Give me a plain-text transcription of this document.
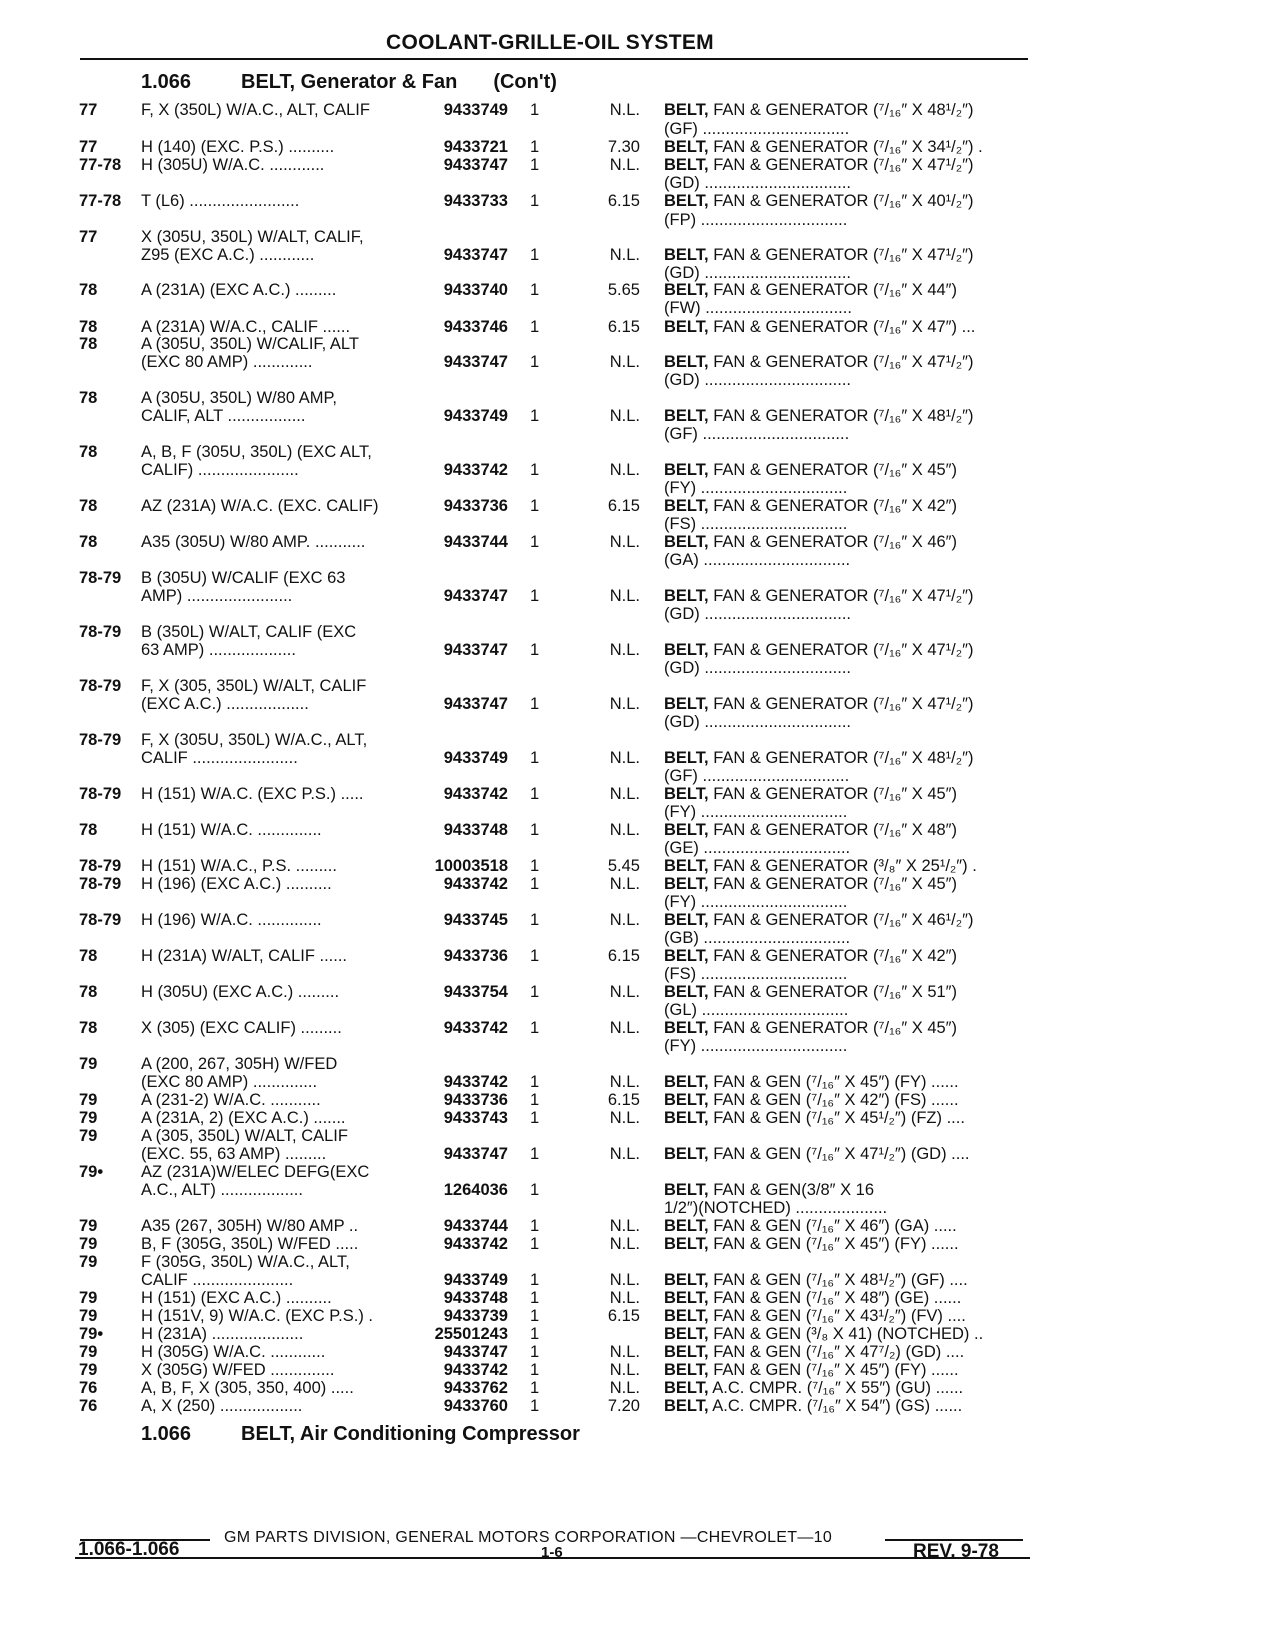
COOLANT-GRILLE-OIL SYSTEM
1.066 BELT, Generator & Fan (Con't)
1.066 BELT, Air Conditioning Compressor
77	F, X (350L) W/A.C., ALT, CALIF	9433749 1	N.L. BELT, FAN & GENERATOR (⁷/₁₆″ X 48¹/₂″)
(GF) ................................
77	H (140) (EXC. P.S.) ..........	9433721 1	7.30 BELT, FAN & GENERATOR (⁷/₁₆″ X 34¹/₂″) .
77-78 H (305U) W/A.C. ............	9433747 1	N.L. BELT, FAN & GENERATOR (⁷/₁₆″ X 47¹/₂″)
(GD) ................................
77-78 T (L6) ........................	9433733 1	6.15 BELT, FAN & GENERATOR (⁷/₁₆″ X 40¹/₂″)
(FP) ................................
77	X (305U, 350L) W/ALT, CALIF,
Z95 (EXC A.C.) ............	9433747 1	N.L. BELT, FAN & GENERATOR (⁷/₁₆″ X 47¹/₂″)
(GD) ................................
78	A (231A) (EXC A.C.) .........	9433740 1	5.65 BELT, FAN & GENERATOR (⁷/₁₆″ X 44″)
(FW) ................................
78	A (231A) W/A.C., CALIF ......	9433746 1	6.15 BELT, FAN & GENERATOR (⁷/₁₆″ X 47″) ...
78	A (305U, 350L) W/CALIF, ALT
(EXC 80 AMP) .............	9433747 1	N.L. BELT, FAN & GENERATOR (⁷/₁₆″ X 47¹/₂″)
(GD) ................................
78	A (305U, 350L) W/80 AMP,
CALIF, ALT .................	9433749 1	N.L. BELT, FAN & GENERATOR (⁷/₁₆″ X 48¹/₂″)
(GF) ................................
78	A, B, F (305U, 350L) (EXC ALT,
CALIF) ......................	9433742 1	N.L. BELT, FAN & GENERATOR (⁷/₁₆″ X 45″)
(FY) ................................
78	AZ (231A) W/A.C. (EXC. CALIF)	9433736 1	6.15 BELT, FAN & GENERATOR (⁷/₁₆″ X 42″)
(FS) ................................
78	A35 (305U) W/80 AMP. ...........	9433744 1	N.L. BELT, FAN & GENERATOR (⁷/₁₆″ X 46″)
(GA) ................................
78-79 B (305U) W/CALIF (EXC 63
AMP) .......................	9433747 1	N.L. BELT, FAN & GENERATOR (⁷/₁₆″ X 47¹/₂″)
(GD) ................................
78-79 B (350L) W/ALT, CALIF (EXC
63 AMP) ...................	9433747 1	N.L. BELT, FAN & GENERATOR (⁷/₁₆″ X 47¹/₂″)
(GD) ................................
78-79 F, X (305, 350L) W/ALT, CALIF
(EXC A.C.) ..................	9433747 1	N.L. BELT, FAN & GENERATOR (⁷/₁₆″ X 47¹/₂″)
(GD) ................................
78-79 F, X (305U, 350L) W/A.C., ALT,
CALIF .......................	9433749 1	N.L. BELT, FAN & GENERATOR (⁷/₁₆″ X 48¹/₂″)
(GF) ................................
78-79 H (151) W/A.C. (EXC P.S.) .....	9433742 1	N.L. BELT, FAN & GENERATOR (⁷/₁₆″ X 45″)
(FY) ................................
78	H (151) W/A.C. ..............	9433748 1	N.L. BELT, FAN & GENERATOR (⁷/₁₆″ X 48″)
(GE) ................................
78-79 H (151) W/A.C., P.S. .........	10003518 1	5.45 BELT, FAN & GENERATOR (³/₈″ X 25¹/₂″) .
78-79 H (196) (EXC A.C.) ..........	9433742 1	N.L. BELT, FAN & GENERATOR (⁷/₁₆″ X 45″)
(FY) ................................
78-79 H (196) W/A.C. ..............	9433745 1	N.L. BELT, FAN & GENERATOR (⁷/₁₆″ X 46¹/₂″)
(GB) ................................
78	H (231A) W/ALT, CALIF ......	9433736 1	6.15 BELT, FAN & GENERATOR (⁷/₁₆″ X 42″)
(FS) ................................
78	H (305U) (EXC A.C.) .........	9433754 1	N.L. BELT, FAN & GENERATOR (⁷/₁₆″ X 51″)
(GL) ................................
78	X (305) (EXC CALIF) .........	9433742 1	N.L. BELT, FAN & GENERATOR (⁷/₁₆″ X 45″)
(FY) ................................
79	A (200, 267, 305H) W/FED
(EXC 80 AMP) ..............	9433742 1	N.L. BELT, FAN & GEN (⁷/₁₆″ X 45″) (FY) ......
79	A (231-2) W/A.C. ...........	9433736 1	6.15 BELT, FAN & GEN (⁷/₁₆″ X 42″) (FS) ......
79	A (231A, 2) (EXC A.C.) .......	9433743 1	N.L. BELT, FAN & GEN (⁷/₁₆″ X 45¹/₂″) (FZ) ....
79	A (305, 350L) W/ALT, CALIF
(EXC. 55, 63 AMP) .........	9433747 1	N.L. BELT, FAN & GEN (⁷/₁₆″ X 47¹/₂″) (GD) ....
79• AZ (231A)W/ELEC DEFG(EXC
A.C., ALT) ..................	1264036 1	BELT, FAN & GEN(3/8″ X 16
1/2″)(NOTCHED) ....................
79	A35 (267, 305H) W/80 AMP ..	9433744 1	N.L. BELT, FAN & GEN (⁷/₁₆″ X 46″) (GA) .....
79	B, F (305G, 350L) W/FED .....	9433742 1	N.L. BELT, FAN & GEN (⁷/₁₆″ X 45″) (FY) ......
79	F (305G, 350L) W/A.C., ALT,
CALIF ......................	9433749 1	N.L. BELT, FAN & GEN (⁷/₁₆″ X 48¹/₂″) (GF) ....
79	H (151) (EXC A.C.) ..........	9433748 1	N.L. BELT, FAN & GEN (⁷/₁₆″ X 48″) (GE) ......
79	H (151V, 9) W/A.C. (EXC P.S.) .	9433739 1	6.15 BELT, FAN & GEN (⁷/₁₆″ X 43¹/₂″) (FV) ....
79• H (231A) ....................	25501243 1	BELT, FAN & GEN (³/₈ X 41) (NOTCHED) ..
79	H (305G) W/A.C. ............	9433747 1	N.L. BELT, FAN & GEN (⁷/₁₆″ X 47⁷/₂) (GD) ....
79	X (305G) W/FED ..............	9433742 1	N.L. BELT, FAN & GEN (⁷/₁₆″ X 45″) (FY) ......
76	A, B, F, X (305, 350, 400) .....	9433762 1	N.L. BELT, A.C. CMPR. (⁷/₁₆″ X 55″) (GU) ......
76	A, X (250) ..................	9433760 1	7.20 BELT, A.C. CMPR. (⁷/₁₆″ X 54″) (GS) ......
GM PARTS DIVISION, GENERAL MOTORS CORPORATION —CHEVROLET—10
1.066-1.066	1-6	REV. 9-78
